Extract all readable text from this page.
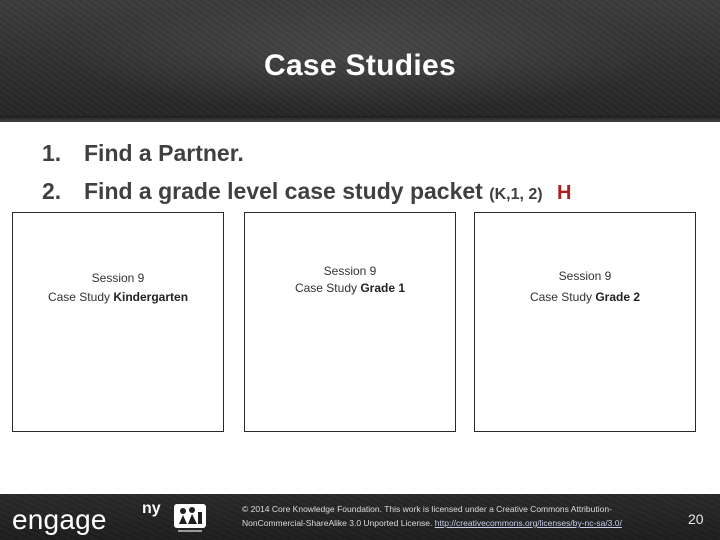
Case Studies
1. Find a Partner.
2. Find a grade level case study packet (K,1, 2) H
Session 9
Case Study Kindergarten
Session 9
Case Study Grade 1
Session 9
Case Study Grade 2
engage ny	© 2014 Core Knowledge Foundation. This work is licensed under a Creative Commons Attribution-
NonCommercial-ShareAlike 3.0 Unported License. http://creativecommons.org/licenses/by-nc-sa/3.0/	20
